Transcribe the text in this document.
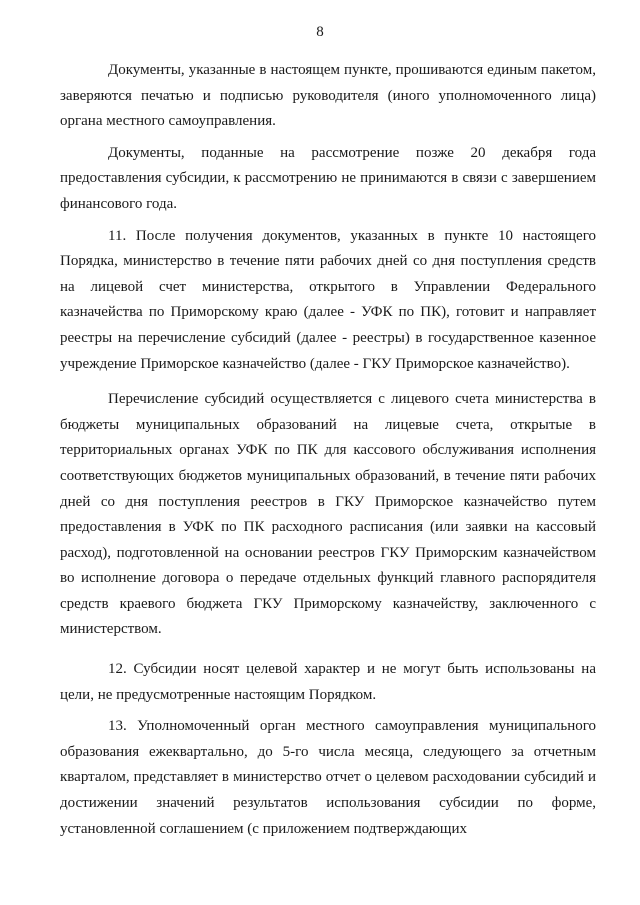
8

Документы, указанные в настоящем пункте, прошиваются единым пакетом, заверяются печатью и подписью руководителя (иного уполномоченного лица) органа местного самоуправления.

Документы, поданные на рассмотрение позже 20 декабря года предоставления субсидии, к рассмотрению не принимаются в связи с завершением финансового года.

11. После получения документов, указанных в пункте 10 настоящего Порядка, министерство в течение пяти рабочих дней со дня поступления средств на лицевой счет министерства, открытого в Управлении Федерального казначейства по Приморскому краю (далее - УФК по ПК), готовит и направляет реестры на перечисление субсидий (далее - реестры) в государственное казенное учреждение Приморское казначейство (далее - ГКУ Приморское казначейство).

Перечисление субсидий осуществляется с лицевого счета министерства в бюджеты муниципальных образований на лицевые счета, открытые в территориальных органах УФК по ПК для кассового обслуживания исполнения соответствующих бюджетов муниципальных образований, в течение пяти рабочих дней со дня поступления реестров в ГКУ Приморское казначейство путем предоставления в УФК по ПК расходного расписания (или заявки на кассовый расход), подготовленной на основании реестров ГКУ Приморским казначейством во исполнение договора о передаче отдельных функций главного распорядителя средств краевого бюджета ГКУ Приморскому казначейству, заключенного с министерством.

12. Субсидии носят целевой характер и не могут быть использованы на цели, не предусмотренные настоящим Порядком.

13. Уполномоченный орган местного самоуправления муниципального образования ежеквартально, до 5-го числа месяца, следующего за отчетным кварталом, представляет в министерство отчет о целевом расходовании субсидий и достижении значений результатов использования субсидии по форме, установленной соглашением (с приложением подтверждающих
